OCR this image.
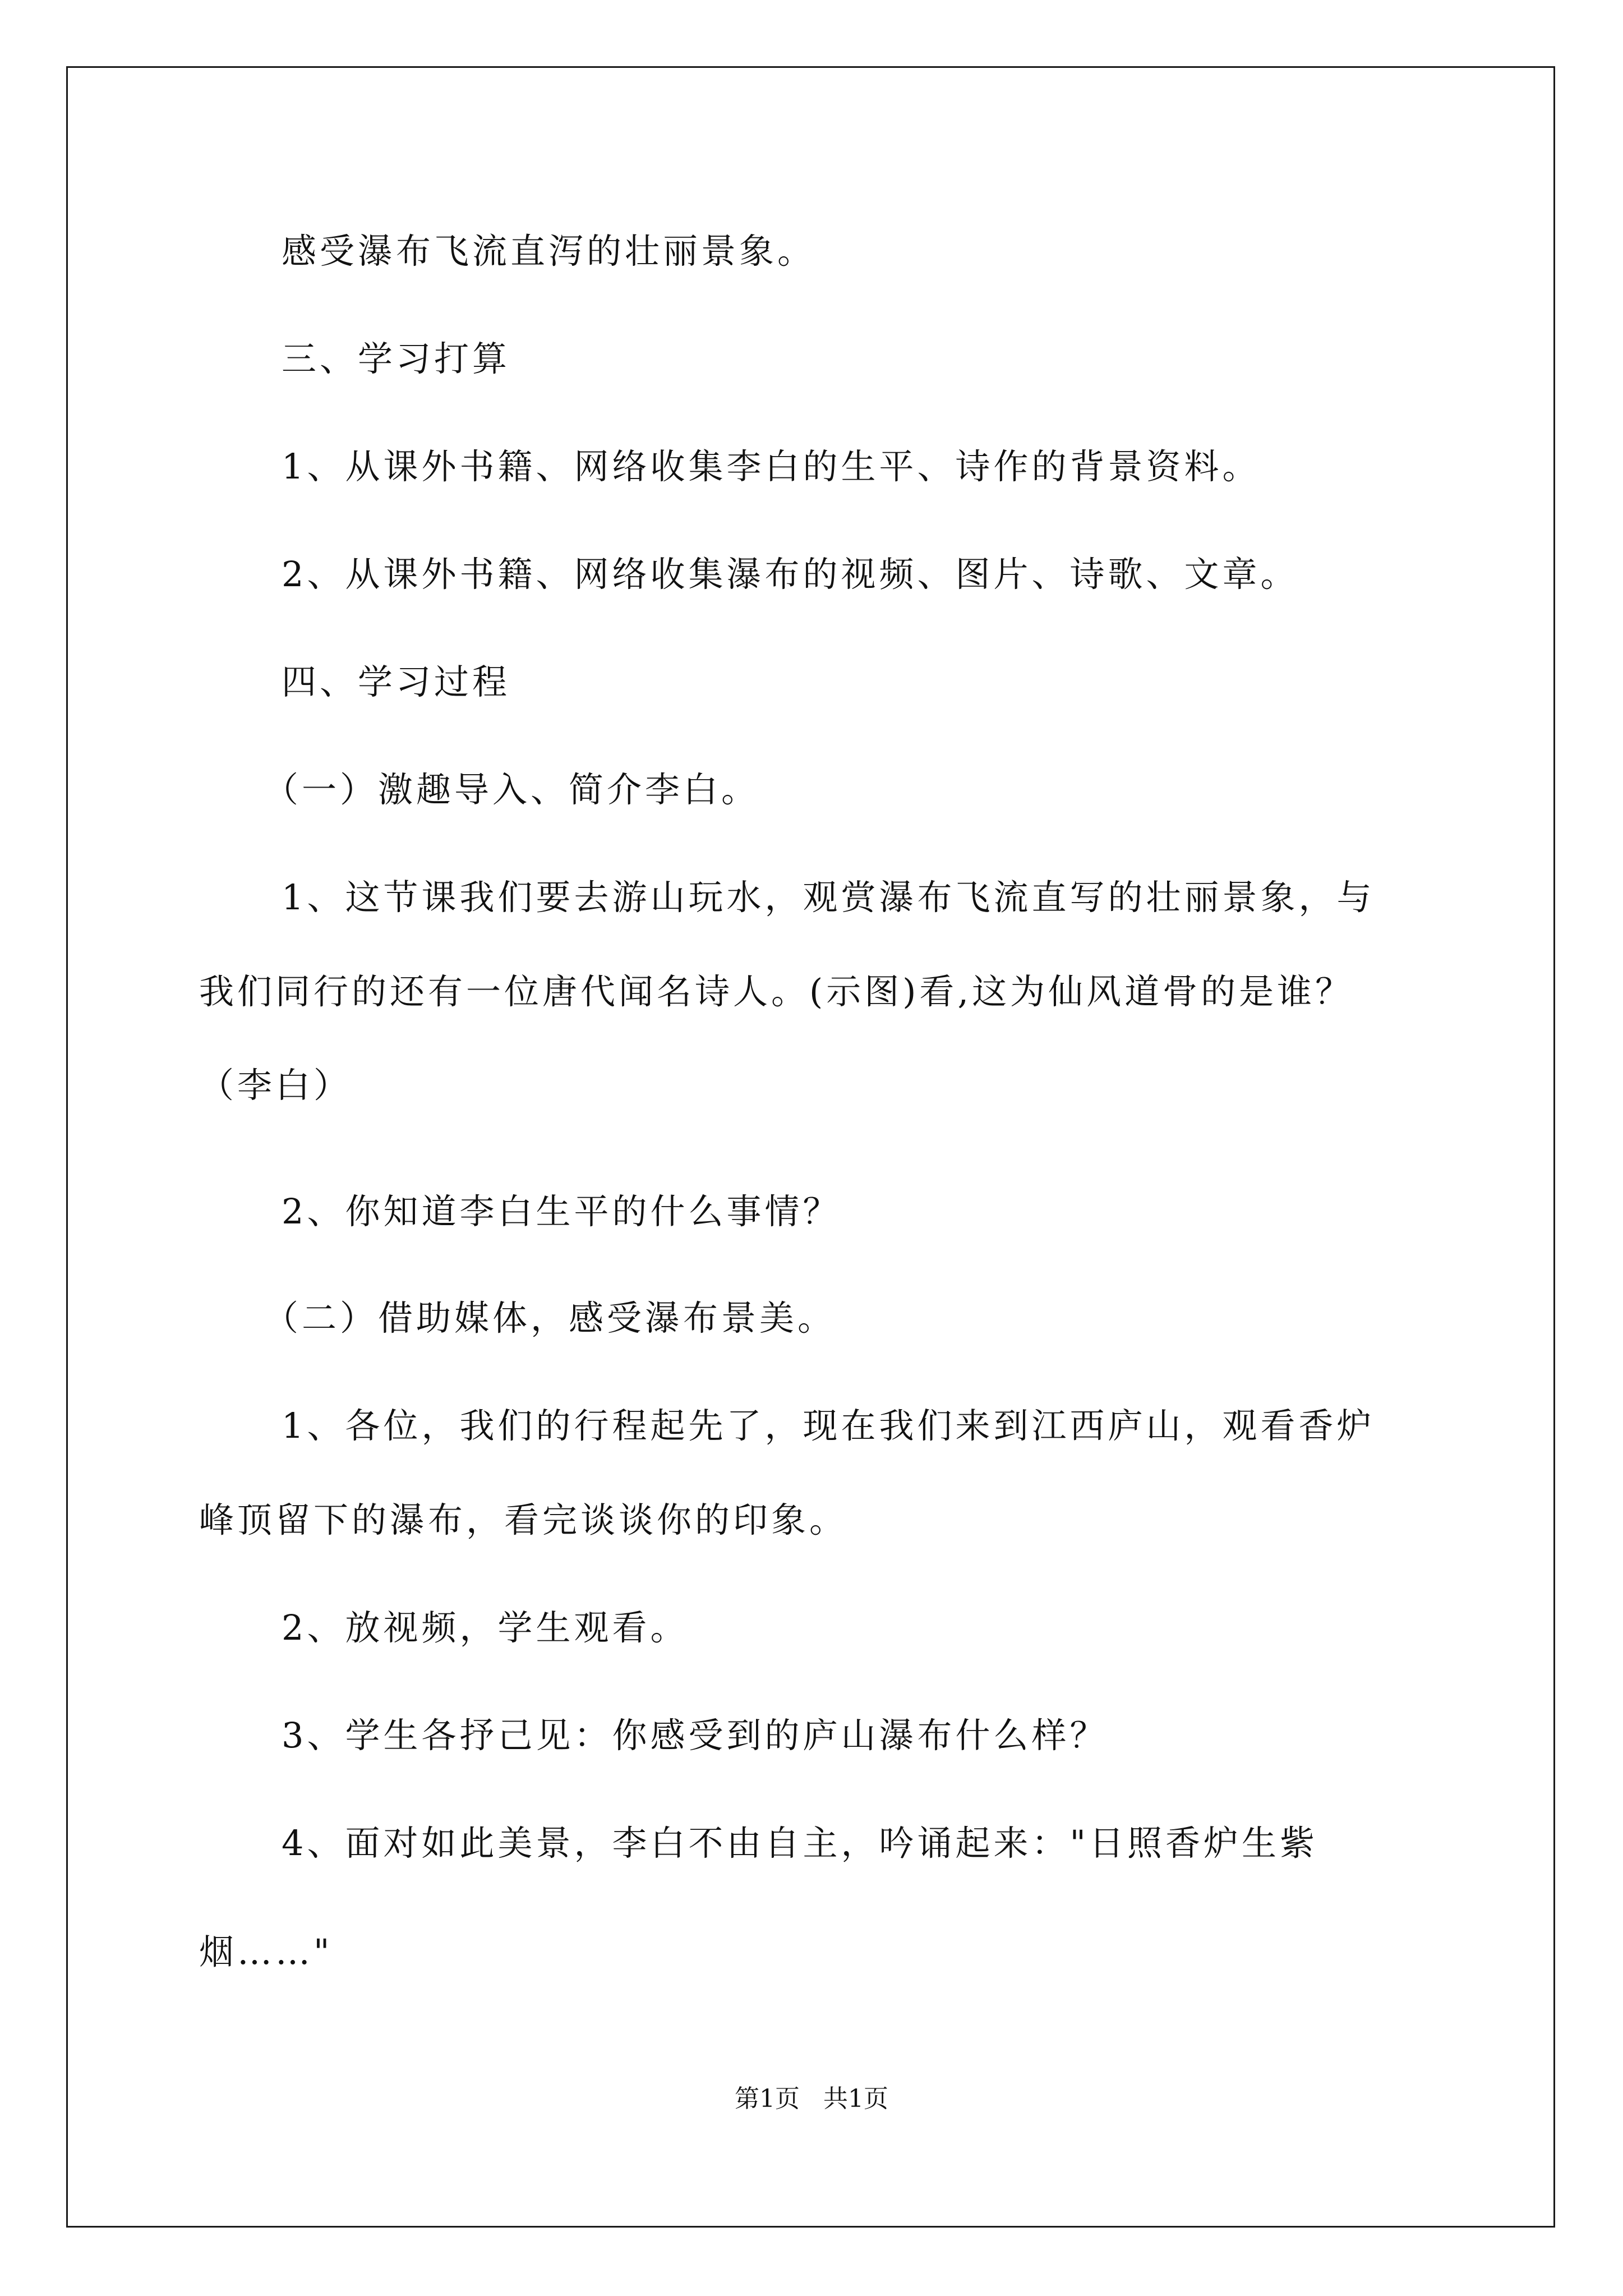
感受瀑布飞流直泻的壮丽景象。
三、学习打算
1、从课外书籍、网络收集李白的生平、诗作的背景资料。
2、从课外书籍、网络收集瀑布的视频、图片、诗歌、文章。
四、学习过程
（一）激趣导入、简介李白。
1、这节课我们要去游山玩水，观赏瀑布飞流直写的壮丽景象，与
我们同行的还有一位唐代闻名诗人。(示图)看,这为仙风道骨的是谁？
（李白）
2、你知道李白生平的什么事情？
（二）借助媒体，感受瀑布景美。
1、各位，我们的行程起先了，现在我们来到江西庐山，观看香炉
峰顶留下的瀑布，看完谈谈你的印象。
2、放视频，学生观看。
3、学生各抒己见：你感受到的庐山瀑布什么样？
4、面对如此美景，李白不由自主，吟诵起来："日照香炉生紫
烟……"
第1页   共1页
